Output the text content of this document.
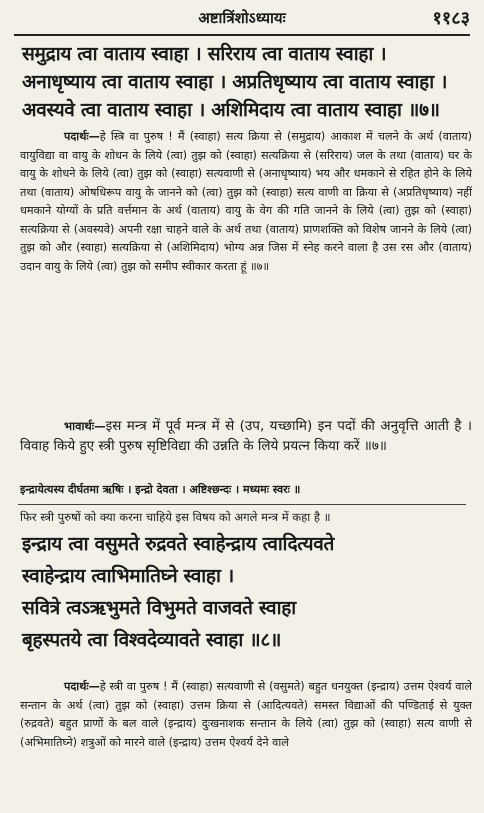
अष्टात्रिंशोऽध्यायः	११८३
समुद्राय त्वा वाताय स्वाहा । सरिराय त्वा वाताय स्वाहा ।
अनाधृष्याय त्वा वाताय स्वाहा । अप्रतिधृष्याय त्वा वाताय स्वाहा ।
अवस्यवे त्वा वाताय स्वाहा । अशिमिदाय त्वा वाताय स्वाहा ॥७॥
पदार्थः—हे स्त्रि वा पुरुष ! मैं (स्वाहा) सत्य क्रिया से (समुद्राय) आकाश में चलने के अर्थ (वाताय) वायुविद्या वा वायु के शोधन के लिये (त्वा) तुझ को (स्वाहा) सत्यक्रिया से (सरिराय) जल के तथा (वाताय) घर के वायु के शोधने के लिये (त्वा) तुझ को (स्वाहा) सत्यवाणी से (अनाधृष्याय) भय और धमकाने से रहित होने के लिये तथा (वाताय) ओषधिरूप वायु के जानने को (त्वा) तुझ को (स्वाहा) सत्य वाणी वा क्रिया से (अप्रतिधृष्याय) नहीं धमकाने योग्यों के प्रति वर्त्तमान के अर्थ (वाताय) वायु के वेग की गति जानने के लिये (त्वा) तुझ को (स्वाहा) सत्यक्रिया से (अवस्यवे) अपनी रक्षा चाहने वाले के अर्थ तथा (वाताय) प्राणशक्ति को विशेष जानने के लिये (त्वा) तुझ को और (स्वाहा) सत्यक्रिया से (अशिमिदाय) भोग्य अन्न जिस में स्नेह करने वाला है उस रस और (वाताय) उदान वायु के लिये (त्वा) तुझ को समीप स्वीकार करता हूं ॥७॥
भावार्थः—इस मन्त्र में पूर्व मन्त्र में से (उप, यच्छामि) इन पदों की अनुवृत्ति आती है । विवाह किये हुए स्त्री पुरुष सृष्टिविद्या की उन्नति के लिये प्रयत्न किया करें ॥७॥
इन्द्रायेत्यस्य दीर्घतमा ऋषिः । इन्द्रो देवता । अष्टिश्छन्दः । मध्यमः स्वरः ॥
फिर स्त्री पुरुषों को क्या करना चाहिये इस विषय को अगले मन्त्र में कहा है ॥
इन्द्राय त्वा वसुमते रुद्रवते स्वाहेन्द्राय त्वादित्यवते
स्वाहेन्द्राय त्वाभिमातिघ्ने स्वाहा ।
सवित्रे त्वऽऋभुमते विभुमते वाजवते स्वाहा
बृहस्पतये त्वा विश्वदेव्यावते स्वाहा ॥८॥
पदार्थः—हे स्त्री वा पुरुष ! मैं (स्वाहा) सत्यवाणी से (वसुमते) बहुत धनयुक्त (इन्द्राय) उत्तम ऐश्वर्य वाले सन्तान के अर्थ (त्वा) तुझ को (स्वाहा) उत्तम क्रिया से (आदित्यवते) समस्त विद्याओं की पण्डिताई से युक्त (रुद्रवते) बहुत प्राणों के बल वाले (इन्द्राय) दुःखनाशक सन्तान के लिये (त्वा) तुझ को (स्वाहा) सत्य वाणी से (अभिमातिघ्ने) शत्रुओं को मारने वाले (इन्द्राय) उत्तम ऐश्वर्य देने वाले
